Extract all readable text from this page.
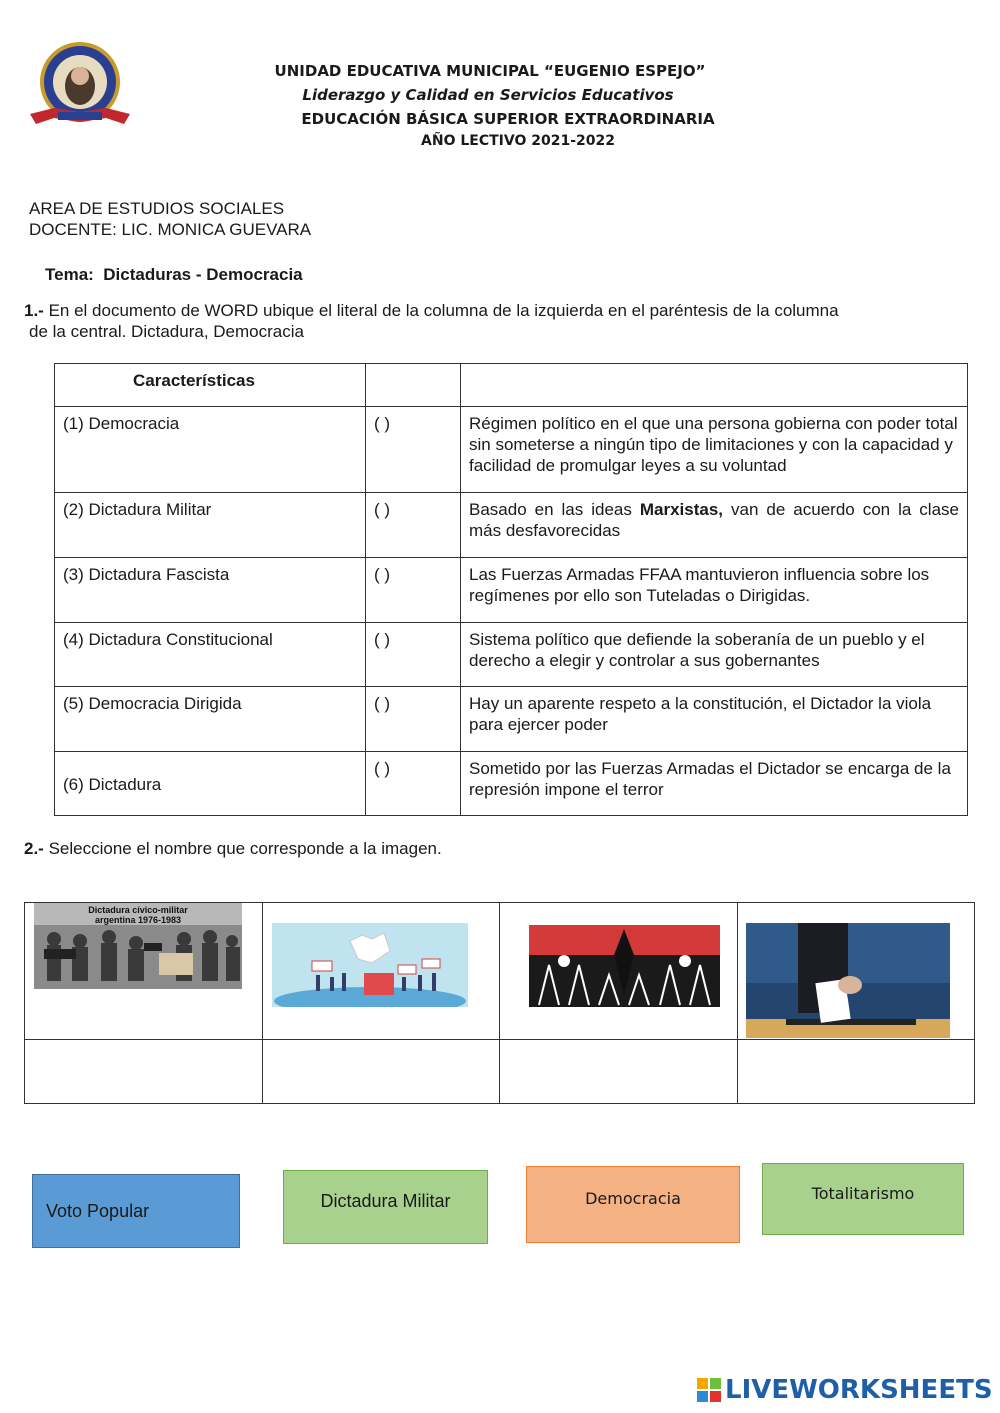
UNIDAD EDUCATIVA MUNICIPAL “EUGENIO ESPEJO”
Liderazgo y Calidad en Servicios Educativos
EDUCACIÓN BÁSICA SUPERIOR EXTRAORDINARIA
AÑO LECTIVO 2021-2022
AREA DE ESTUDIOS SOCIALES
DOCENTE: LIC. MONICA GUEVARA
Tema: Dictaduras - Democracia
1.- En el documento de WORD ubique el literal de la columna de la izquierda en el paréntesis de la columna
de la central. Dictadura, Democracia
Características		
(1) Democracia	( )	Régimen político en el que una persona gobierna con poder total sin someterse a ningún tipo de limitaciones y con la capacidad y facilidad de promulgar leyes a su voluntad
(2) Dictadura Militar	( )	Basado en las ideas Marxistas, van de acuerdo con la clase más desfavorecidas
(3) Dictadura Fascista	( )	Las Fuerzas Armadas FFAA mantuvieron influencia sobre los regímenes por ello son Tuteladas o Dirigidas.
(4) Dictadura Constitucional	( )	Sistema político que defiende la soberanía de un pueblo y el derecho a elegir y controlar a sus gobernantes
(5) Democracia Dirigida	( )	Hay un aparente respeto a la constitución, el Dictador la viola para ejercer poder
(6) Dictadura	( )	Sometido por las Fuerzas Armadas el Dictador se encarga de la represión impone el terror
2.- Seleccione el nombre que corresponde a la imagen.
Dictadura cívico-militar
argentina 1976-1983

Voto Popular	Dictadura Militar	Democracia	Totalitarismo
LIVEWORKSHEETS
